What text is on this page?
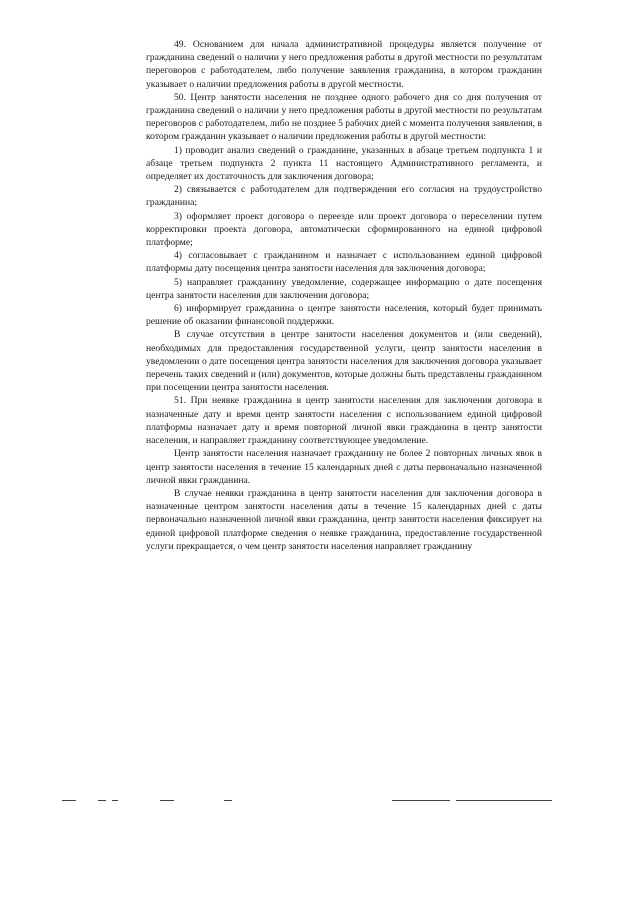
49. Основанием для начала административной процедуры является получение от гражданина сведений о наличии у него предложения работы в другой местности по результатам переговоров с работодателем, либо получение заявления гражданина, в котором гражданин указывает о наличии предложения работы в другой местности.

50. Центр занятости населения не позднее одного рабочего дня со дня получения от гражданина сведений о наличии у него предложения работы в другой местности по результатам переговоров с работодателем, либо не позднее 5 рабочих дней с момента получения заявления, в котором гражданин указывает о наличии предложения работы в другой местности:

1) проводит анализ сведений о гражданине, указанных в абзаце третьем подпункта 1 и абзаце третьем подпункта 2 пункта 11 настоящего Административного регламента, и определяет их достаточность для заключения договора;

2) связывается с работодателем для подтверждения его согласия на трудоустройство гражданина;

3) оформляет проект договора о переезде или проект договора о переселении путем корректировки проекта договора, автоматически сформированного на единой цифровой платформе;

4) согласовывает с гражданином и назначает с использованием единой цифровой платформы дату посещения центра занятости населения для заключения договора;

5) направляет гражданину уведомление, содержащее информацию о дате посещения центра занятости населения для заключения договора;

6) информирует гражданина о центре занятости населения, который будет принимать решение об оказании финансовой поддержки.

В случае отсутствия в центре занятости населения документов и (или сведений), необходимых для предоставления государственной услуги, центр занятости населения в уведомлении о дате посещения центра занятости населения для заключения договора указывает перечень таких сведений и (или) документов, которые должны быть представлены гражданином при посещении центра занятости населения.

51. При неявке гражданина в центр занятости населения для заключения договора в назначенные дату и время центр занятости населения с использованием единой цифровой платформы назначает дату и время повторной личной явки гражданина в центр занятости населения, и направляет гражданину соответствующее уведомление.

Центр занятости населения назначает гражданину не более 2 повторных личных явок в центр занятости населения в течение 15 календарных дней с даты первоначально назначенной личной явки гражданина.

В случае неявки гражданина в центр занятости населения для заключения договора в назначенные центром занятости населения даты в течение 15 календарных дней с даты первоначально назначенной личной явки гражданина, центр занятости населения фиксирует на единой цифровой платформе сведения о неявке гражданина, предоставление государственной услуги прекращается, о чем центр занятости населения направляет гражданину
